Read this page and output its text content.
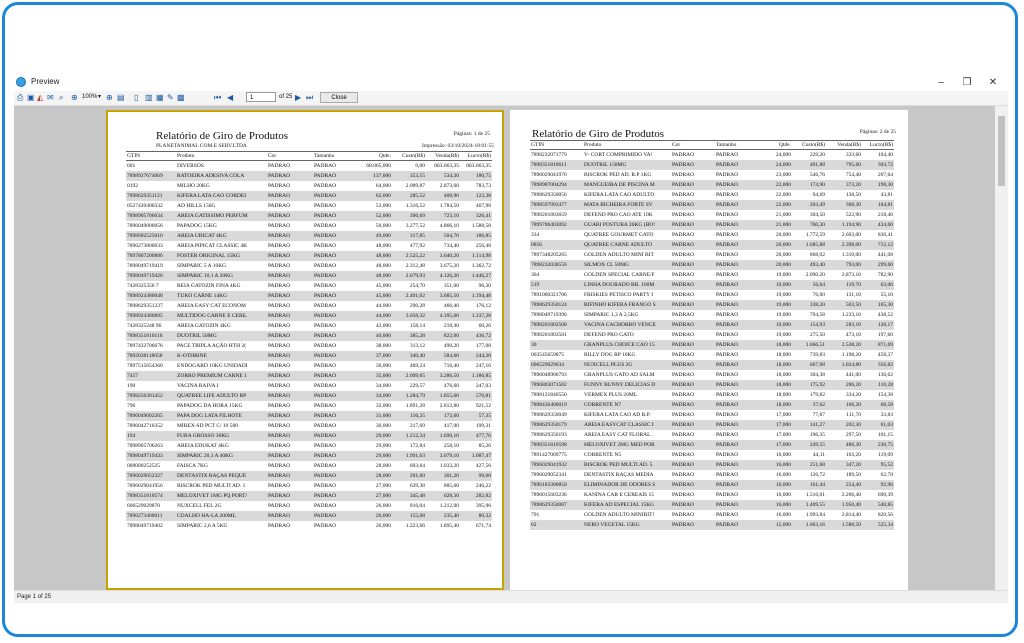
Preview	–	❐	✕
⎙ ▣ ◭ ✉ ⌕ ⊕ 100% ▾ ⊕ ▤ ▯ ▥ ▦ ✎ ▩	⏮ ◀	1	of 25 ▶ ⏭	Close
Relatório de Giro de Produtos
PLANETANIMAL COM.E SERV.LTDA
Páginas: 1 de 25
Impressão: 03/10/2024-18:01:55
GTIN	Produto	Cor	Tamanho	Qtde.	Custo(R$)	Venda(R$)	Lucro(R$)
601	DIVERSOS	PADRAO	PADRAO	68.065,000	0,00	063.663,35	063.663,35
7898927674069	RATOEIRA ADESIVA COLA	PADRAO	PADRAO	137,000	353,55	534,30	180,75
0192	MILHO 20KG	PADRAO	PADRAO	64,000	2.089,87	2.873,60	783,73
7898629351121	KIFERA LATA CAO CORDEI	PADRAO	PADRAO	62,000	285,52	408,90	123,38
0527420400332	AD HILLS 156G	PADRAO	PADRAO	53,000	1.316,52	1.784,50	467,98
7898905706034	AREIA GATISSIMO PERFUM	PADRAO	PADRAO	52,000	396,69	723,10	326,41
7896049000056	PAPADOG 15KG	PADRAO	PADRAO	50,000	3.277,52	4.866,10	1.588,58
7898902525010	AREIA URICAT 4KG	PADRAO	PADRAO	49,000	317,85	504,70	186,85
7896273800033	AREIA PIPICAT CLASSIC 4K	PADRAO	PADRAO	48,000	477,92	734,40	256,48
7897807200886	FOSTER ORIGINAL 15KG	PADRAO	PADRAO	48,000	2.525,22	3.640,20	1.114,98
7898049719419	SIMPARIC 5 A 10KG	PADRAO	PADRAO	48,000	2.312,48	3.675,20	1.362,72
7898049719426	SIMPARIC 10,1 A 20KG	PADRAO	PADRAO	48,000	2.679,93	4.126,20	1.446,27
7428325356 7	REIA GATOZIN FINA 4KG	PADRAO	PADRAO	45,000	254,70	351,00	96,30
7898924380048	TUKO CARNE 14KG	PADRAO	PADRAO	45,000	2.491,02	3.685,50	1.194,48
7898629351237	AREIA EASY CAT ECONOM	PADRAO	PADRAO	44,000	290,28	466,40	176,12
7898924380895	MULTIDOG CARNE E CERE.	PADRAO	PADRAO	44,000	3.058,32	4.395,60	1.337,28
7428325248 96	AREIA GATOZIN 4KG	PADRAO	PADRAO	42,000	158,14	218,40	60,26
7898351810116	DUOTRIL 50MG	PADRAO	PADRAO	40,000	385,28	822,00	436,72
7897432706676	PACE TRIPLA AÇÃO HTH 2(	PADRAO	PADRAO	38,000	313,12	490,20	177,08
7892038118058	K-OTHRINE	PADRAO	PADRAO	37,000	340,40	584,60	244,20
7897515654360	ENDOGARD 10KG UNIDADI	PADRAO	PADRAO	36,000	469,24	716,40	247,16
7457	ZORRO PREMIUM CARNE 1	PADRAO	PADRAO	35,000	2.099,65	3.286,50	1.186,85
190	VACINA RAIVA I	PADRAO	PADRAO	34,000	229,57	476,60	247,03
7898256301452	QUATREE LIFE ADULTO RP	PADRAO	PADRAO	34,000	1.284,79	1.855,60	570,81
796	PAPADOG DA HORA 15KG	PADRAO	PADRAO	32,000	1.891,28	2.812,80	921,52
7896049002265	PAPA DOG LATA FILHOTE	PADRAO	PADRAO	31,000	116,25	173,60	57,35
7896042710352	MIREX-SD PCT C/ 10 500	PADRAO	PADRAO	30,000	217,69	417,00	199,31
194	FUBA GROSSO 30KG	PADRAO	PADRAO	29,000	1.212,34	1.690,10	477,76
7898905706263	AREIA EDUKAT 4KG	PADRAO	PADRAO	29,000	172,84	258,10	85,26
7898049719433	SIMPARIC 20,1 A 40KG	PADRAO	PADRAO	29,000	1.991,63	3.079,10	1.087,47
000000252525	FAISCA 7KG	PADRAO	PADRAO	28,000	603,64	1.033,20	427,56
7896029052327	DENTASTIX RAÇAS PEQUE	PADRAO	PADRAO	28,000	201,60	301,20	99,60
7896029041956	BISCROK PED MULTI AD. 1	PADRAO	PADRAO	27,000	639,38	885,60	246,22
7898351810574	MELOXIVET 1MG PQ PORT/	PADRAO	PADRAO	27,000	345,48	628,30	282,82
606529029870	NUXCELL FEL 2G	PADRAO	PADRAO	26,000	816,04	1.212,00	395,96
7896273400011	COALHO HA-LA 200ML	PADRAO	PADRAO	26,000	155,08	235,40	80,32
7898049719402	SIMPARIC 2,6 A 5KG	PADRAO	PADRAO	26,000	1.223,66	1.895,40	671,74
Relatório de Giro de Produtos	Páginas: 2 de 25
GTIN	Produto	Cor	Tamanho	Qtde.	Custo(R$)	Venda(R$)	Lucro(R$)
7898232071779	V- CORT COMPRIMIDO VA!	PADRAO	PADRAO	24,000	229,20	333,60	104,40
7898351810611	DUOTRIL 150MG	PADRAO	PADRAO	24,000	491,88	795,60	303,72
7896029041970	BISCROK PED AD. R.P 1KG	PADRAO	PADRAO	23,000	546,76	754,40	207,64
7898987004294	MANGUEIRA DE PISCINA M	PADRAO	PADRAO	22,000	174,90	373,20	198,30
7898629350056	KIFERA LATA CAO ADULTO	PADRAO	PADRAO	22,000	94,69	138,50	43,81
7898597993477	MATA BICHEIRA FORTE SV	PADRAO	PADRAO	22,000	203,49	308,30	104,81
7898201803659	DEFEND PRO CAO ATE 10K	PADRAO	PADRAO	21,000	304,50	522,90	218,40
7899706403092	GUABI POSTURA 20KG (BO!	PADRAO	PADRAO	21,000	760,30	1.194,90	434,60
334	QUATREE GOURMET GATO	PADRAO	PADRAO	20,000	1.772,59	2.603,00	830,41
6856	QUATREE CARNE ADULTO	PADRAO	PADRAO	20,000	1.685,88	2.398,00	712,12
7897348205265	GOLDEN ADULTO MINI BIT	PADRAO	PADRAO	20,000	868,92	1.310,00	441,08
7898232038556	SILMOX CL 50MG	PADRAO	PADRAO	20,000	493,40	793,00	299,60
304	GOLDEN SPECIAL CARNE/F	PADRAO	PADRAO	19,000	2.090,20	2.873,10	782,90
519	LINHA DOURADO BR. 100M	PADRAO	PADRAO	19,000	56,64	119,70	63,06
7891000321706	FRISKIES PETISCO PARTY I	PADRAO	PADRAO	19,000	76,00	131,10	55,10
7898629350124	BIFINHO KIFERA FRANGO S	PADRAO	PADRAO	19,000	338,20	503,50	165,30
7898049719396	SIMPARIC 1,3 A 2,5KG	PADRAO	PADRAO	19,000	794,58	1.233,10	438,52
7898201802508	VACINA CACHORRO VENCE	PADRAO	PADRAO	19,000	154,93	283,10	128,17
7898201803581	DEFEND PRO GATO	PADRAO	PADRAO	19,000	275,50	473,10	197,60
30	GRANPLUS CHOICE CAO 15	PADRAO	PADRAO	18,000	1.666,51	2.538,20	871,69
003545659875	BILLY DOG RP 10KG	PADRAO	PADRAO	18,000	739,83	1.198,20	458,37
606529029634	NUXCELL PLUS 2G	PADRAO	PADRAO	18,000	667,98	1.024,80	356,82
7896048906793	GRANPLUS GATO AD SALM	PADRAO	PADRAO	18,000	304,38	441,00	136,62
7896803071582	FUNNY BUNNY DELICIAS D	PADRAO	PADRAO	18,000	175,92	286,20	110,28
7898121840550	VERMEX PLUS 20ML	PADRAO	PADRAO	18,000	179,82	334,20	154,38
7898436400019	CORRENTE N7	PADRAO	PADRAO	18,000	37,62	106,20	68,58
7898629350049	KIFERA LATA CAO AD R.P.	PADRAO	PADRAO	17,000	77,87	111,70	33,83
7898629350179	AREIA EASYCAT CLASSIC I	PADRAO	PADRAO	17,000	141,27	202,30	61,03
7898629350193	AREIA EASY CAT FLORAL .	PADRAO	PADRAO	17,000	196,35	297,50	101,15
7898351810598	MELOXIVET 2MG MED POR	PADRAO	PADRAO	17,000	249,55	486,30	236,75
7891427009775	CORRENTE N5	PADRAO	PADRAO	16,000	44,11	163,20	119,09
7896029041932	BISCROK PED MULTI AD. 5	PADRAO	PADRAO	16,000	251,68	347,20	95,52
7896029052341	DENTASTIX RAÇAS MEDIA	PADRAO	PADRAO	16,000	126,72	189,50	62,78
7896183300850	ELIMINADOR DE ODORES S	PADRAO	PADRAO	16,000	161,44	254,40	92,96
7896015603236	KANINA CAR E CEREAIS 15	PADRAO	PADRAO	16,000	1.516,01	2.206,40	690,39
7898629350087	KIFERA AD ESPECIAL 15KG	PADRAO	PADRAO	16,000	1.409,55	1.950,40	540,85
791	GOLDEN ADULTO MINIBIT!	PADRAO	PADRAO	16,000	1.993,84	2.814,40	820,56
62	NERO VEGETAL 15KG	PADRAO	PADRAO	15,000	1.063,16	1.588,50	525,34
Page 1 of 25
